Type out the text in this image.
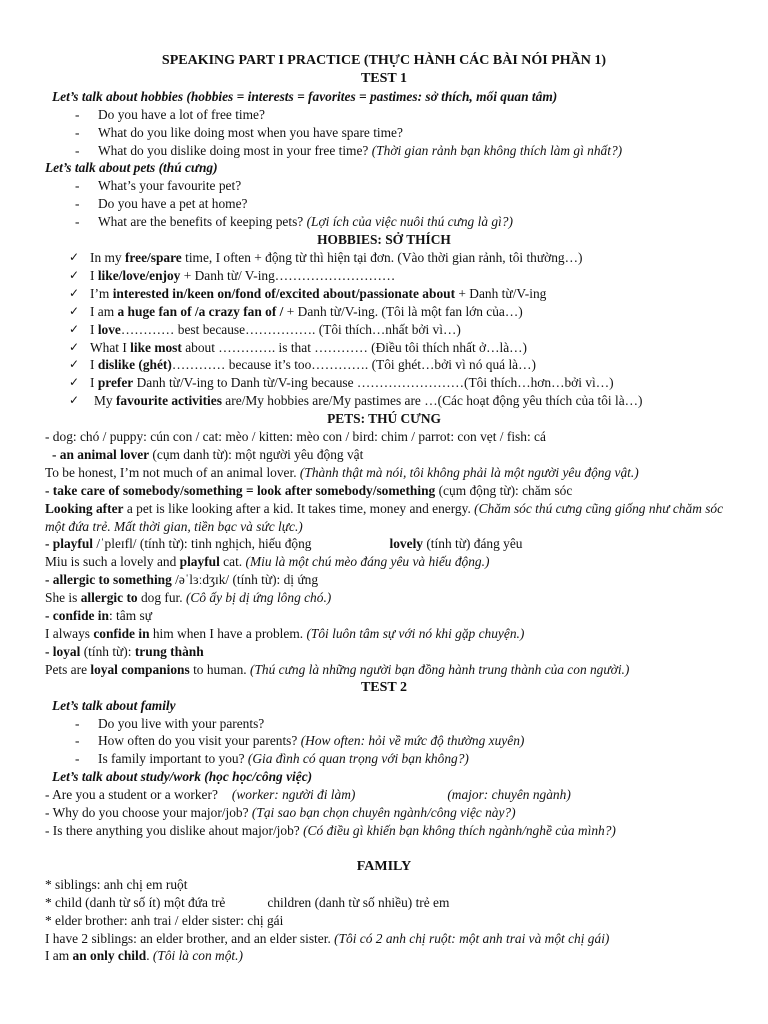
SPEAKING PART I PRACTICE (THỰC HÀNH CÁC BÀI NÓI PHẦN 1)
TEST 1
Let’s talk about hobbies (hobbies = interests = favorites = pastimes: sở thích, mối quan tâm)
- Do you have a lot of free time?
- What do you like doing most when you have spare time?
- What do you dislike doing most in your free time? (Thời gian rảnh bạn không thích làm gì nhất?)
Let’s talk about pets (thú cưng)
- What’s your favourite pet?
- Do you have a pet at home?
- What are the benefits of keeping pets? (Lợi ích của việc nuôi thú cưng là gì?)
HOBBIES: SỞ THÍCH
✓ In my free/spare time, I often + động từ thì hiện tại đơn. (Vào thời gian rảnh, tôi thường…)
✓ I like/love/enjoy + Danh từ/ V-ing………………………
✓ I’m interested in/keen on/fond of/excited about/passionate about + Danh từ/V-ing
✓ I am a huge fan of /a crazy fan of / + Danh từ/V-ing. (Tôi là một fan lớn của…)
✓ I love………… best because……………. (Tôi thích…nhất bởi vì…)
✓ What I like most about …………. is that ………… (Điều tôi thích nhất ở…là…)
✓ I dislike (ghét)………… because it’s too…………. (Tôi ghét…bởi vì nó quá là…)
✓ I prefer Danh từ/V-ing to Danh từ/V-ing because ……………………(Tôi thích…hơn…bởi vì…)
✓ My favourite activities are/My hobbies are/My pastimes are …(Các hoạt động yêu thích của tôi là…)
PETS: THÚ CƯNG
- dog: chó / puppy: cún con / cat: mèo / kitten: mèo con / bird: chim / parrot: con vẹt / fish: cá
- an animal lover (cụm danh từ): một người yêu động vật
To be honest, I’m not much of an animal lover. (Thành thật mà nói, tôi không phải là một người yêu động vật.)
- take care of somebody/something = look after somebody/something (cụm động từ): chăm sóc
Looking after a pet is like looking after a kid. It takes time, money and energy. (Chăm sóc thú cưng cũng giống như chăm sóc một đứa trẻ. Mất thời gian, tiền bạc và sức lực.)
- playful /ˈpleɪfl/ (tính từ): tinh nghịch, hiếu động	lovely (tính từ) đáng yêu
Miu is such a lovely and playful cat. (Miu là một chú mèo đáng yêu và hiếu động.)
- allergic to something /əˈlɜːdʒɪk/ (tính từ): dị ứng
She is allergic to dog fur. (Cô ấy bị dị ứng lông chó.)
- confide in: tâm sự
I always confide in him when I have a problem. (Tôi luôn tâm sự với nó khi gặp chuyện.)
- loyal (tính từ): trung thành
Pets are loyal companions to human. (Thú cưng là những người bạn đồng hành trung thành của con người.)
TEST 2
Let’s talk about family
- Do you live with your parents?
- How often do you visit your parents? (How often: hỏi về mức độ thường xuyên)
- Is family important to you? (Gia đình có quan trọng với bạn không?)
Let’s talk about study/work (học học/công việc)
- Are you a student or a worker? (worker: người đi làm)	(major: chuyên ngành)
- Why do you choose your major/job? (Tại sao bạn chọn chuyên ngành/công việc này?)
- Is there anything you dislike ahout major/job? (Có điều gì khiến bạn không thích ngành/nghề của mình?)
FAMILY
* siblings: anh chị em ruột
* child (danh từ số ít) một đứa trẻ	children (danh từ số nhiều) trẻ em
* elder brother: anh trai / elder sister: chị gái
I have 2 siblings: an elder brother, and an elder sister. (Tôi có 2 anh chị ruột: một anh trai và một chị gái)
I am an only child. (Tôi là con một.)
